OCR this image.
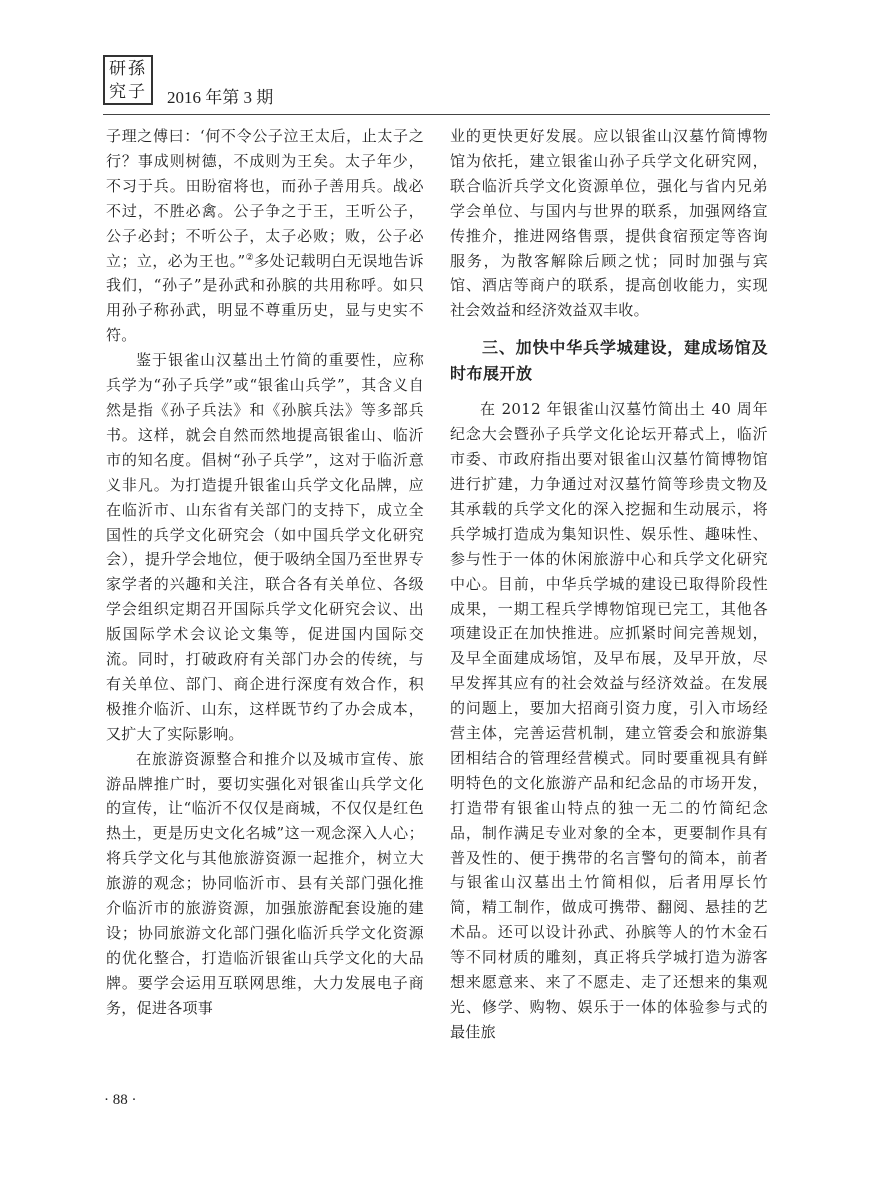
研孫
究子 2016 年第 3 期

子理之傅曰：‘何不令公子泣王太后，止太子之行？事成则树德，不成则为王矣。太子年少，不习于兵。田盼宿将也，而孙子善用兵。战必不过，不胜必禽。公子争之于王，王听公子，公子必封；不听公子，太子必败；败，公子必立；立，必为王也。”②多处记载明白无误地告诉我们，“孙子”是孙武和孙膑的共用称呼。如只用孙子称孙武，明显不尊重历史，显与史实不符。

鉴于银雀山汉墓出土竹简的重要性，应称兵学为“孙子兵学”或“银雀山兵学”，其含义自然是指《孙子兵法》和《孙膑兵法》等多部兵书。这样，就会自然而然地提高银雀山、临沂市的知名度。倡树“孙子兵学”，这对于临沂意义非凡。为打造提升银雀山兵学文化品牌，应在临沂市、山东省有关部门的支持下，成立全国性的兵学文化研究会（如中国兵学文化研究会），提升学会地位，便于吸纳全国乃至世界专家学者的兴趣和关注，联合各有关单位、各级学会组织定期召开国际兵学文化研究会议、出版国际学术会议论文集等，促进国内国际交流。同时，打破政府有关部门办会的传统，与有关单位、部门、商企进行深度有效合作，积极推介临沂、山东，这样既节约了办会成本，又扩大了实际影响。

在旅游资源整合和推介以及城市宣传、旅游品牌推广时，要切实强化对银雀山兵学文化的宣传，让“临沂不仅仅是商城，不仅仅是红色热土，更是历史文化名城”这一观念深入人心；将兵学文化与其他旅游资源一起推介，树立大旅游的观念；协同临沂市、县有关部门强化推介临沂市的旅游资源，加强旅游配套设施的建设；协同旅游文化部门强化临沂兵学文化资源的优化整合，打造临沂银雀山兵学文化的大品牌。要学会运用互联网思维，大力发展电子商务，促进各项事

业的更快更好发展。应以银雀山汉墓竹简博物馆为依托，建立银雀山孙子兵学文化研究网，联合临沂兵学文化资源单位，强化与省内兄弟学会单位、与国内与世界的联系，加强网络宣传推介，推进网络售票，提供食宿预定等咨询服务，为散客解除后顾之忧；同时加强与宾馆、酒店等商户的联系，提高创收能力，实现社会效益和经济效益双丰收。

三、加快中华兵学城建设，建成场馆及时布展开放

在 2012 年银雀山汉墓竹简出土 40 周年纪念大会暨孙子兵学文化论坛开幕式上，临沂市委、市政府指出要对银雀山汉墓竹简博物馆进行扩建，力争通过对汉墓竹简等珍贵文物及其承载的兵学文化的深入挖掘和生动展示，将兵学城打造成为集知识性、娱乐性、趣味性、参与性于一体的休闲旅游中心和兵学文化研究中心。目前，中华兵学城的建设已取得阶段性成果，一期工程兵学博物馆现已完工，其他各项建设正在加快推进。应抓紧时间完善规划，及早全面建成场馆，及早布展，及早开放，尽早发挥其应有的社会效益与经济效益。在发展的问题上，要加大招商引资力度，引入市场经营主体，完善运营机制，建立管委会和旅游集团相结合的管理经营模式。同时要重视具有鲜明特色的文化旅游产品和纪念品的市场开发，打造带有银雀山特点的独一无二的竹简纪念品，制作满足专业对象的全本，更要制作具有普及性的、便于携带的名言警句的简本，前者与银雀山汉墓出土竹简相似，后者用厚长竹简，精工制作，做成可携带、翻阅、悬挂的艺术品。还可以设计孙武、孙膑等人的竹木金石等不同材质的雕刻，真正将兵学城打造为游客想来愿意来、来了不愿走、走了还想来的集观光、修学、购物、娱乐于一体的体验参与式的最佳旅

· 88 ·
